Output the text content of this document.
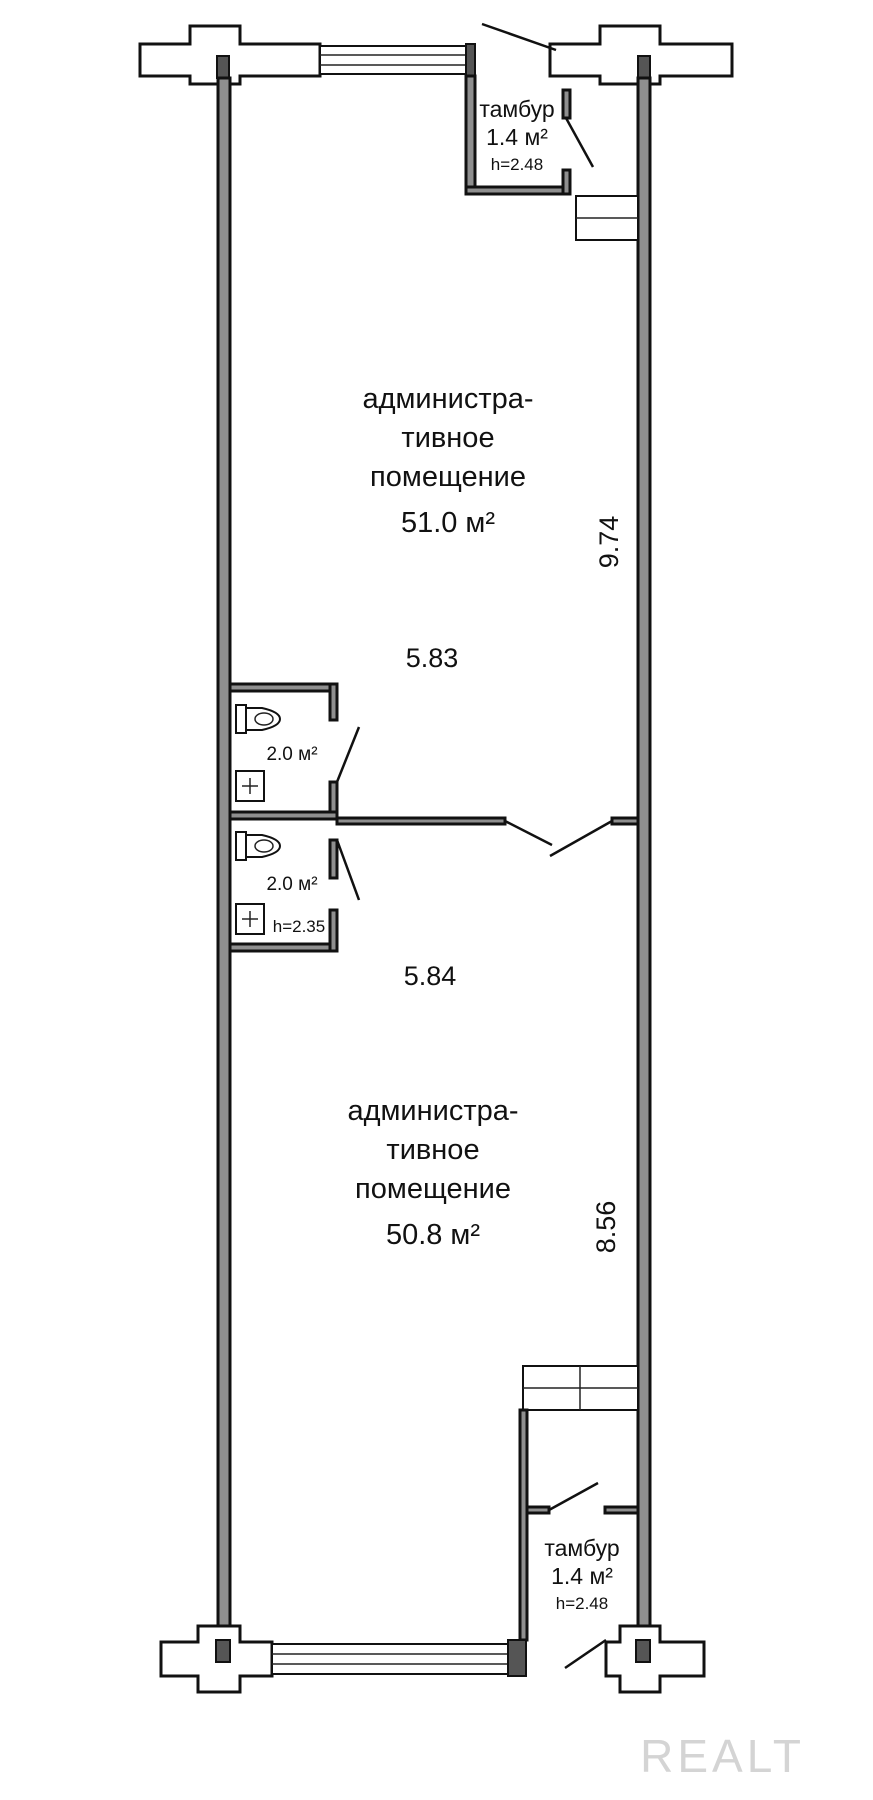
тамбур
1.4 м²
h=2.48
администра-
тивное
помещение
51.0 м²
5.83
9.74
2.0 м²
2.0 м²
h=2.35
5.84
администра-
тивное
помещение
50.8 м²	8.56
тамбур
1.4 м²
h=2.48
REALT
